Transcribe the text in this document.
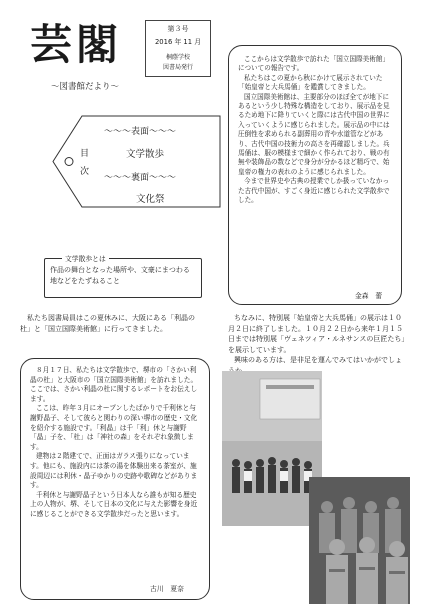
芸閣
〜図書館だより〜
第３号
2016 年 11 月
桐蔭学校
図書局発行
目
次
〜〜〜表面〜〜〜
文学散歩
〜〜〜裏面〜〜〜
文化祭
文学散歩とは
作品の舞台となった場所や、文豪にまつわる地などをたずねること

ここからは文学散歩で訪れた「国立国際美術館」についての報告です。

私たちはこの夏から秋にかけて展示されていた「始皇帝と大兵馬俑」を鑑賞してきました。

国立国際美術館は、主要部分のほぼ全てが地下にあるという少し特殊な構造をしており、展示品を見るため地下に降りていくと際には古代中国の世界に入っていくように感じられました。展示品の中には圧倒性を求められる副葬用の青や水道管などがあり、古代中国の技術力の高さを再確認しました。兵馬俑は、服の模様まで細かく作られており、戦の有無や装飾品の数などで身分が分かるほど精巧で、始皇帝の権力の表れのように感じられました。

今まで世界史や古典の授業でしか扱っていなかった古代中国が、すごく身近に感じられた文学散歩でした。

金森　蕾
私たち図書局員はこの夏休みに、大阪にある「利晶の杜」と「国立国際美術館」に行ってきました。

ちなみに、特別展「始皇帝と大兵馬俑」の展示は１０月２日に終了しました。１０月２２日から来年１月１５日までは特別展「ヴェネツィア・ルネサンスの巨匠たち」を展示しています。

興味のある方は、是非足を運んでみてはいかがでしょ

８月１７日、私たちは文学散歩で、堺市の「さかい利晶の杜」と大阪市の「国立国際美術館」を訪れました。ここでは、さかい利晶の杜に関するレポートをお伝えします。

ここは、昨年３月にオープンしたばかりで千利休と与謝野晶子、そして彼らと関わりの深い堺市の歴史・文化を紹介する施設です。「利晶」は千「利」休と与謝野「晶」子を、「杜」は「神社の森」をそれぞれ象徴します。

建物は２階建てで、正面はガラス張りになっています。他にも、施設内には茶の湯を体験出来る茶室が、施設周辺には利休・晶子ゆかりの史跡や歌碑などがあります。

千利休と与謝野晶子という日本人なら誰もが知る歴史上の人物が、堺、そして日本の文化に与えた影響を身近に感じることができる文学散歩だったと思います。

古川　夏奈
